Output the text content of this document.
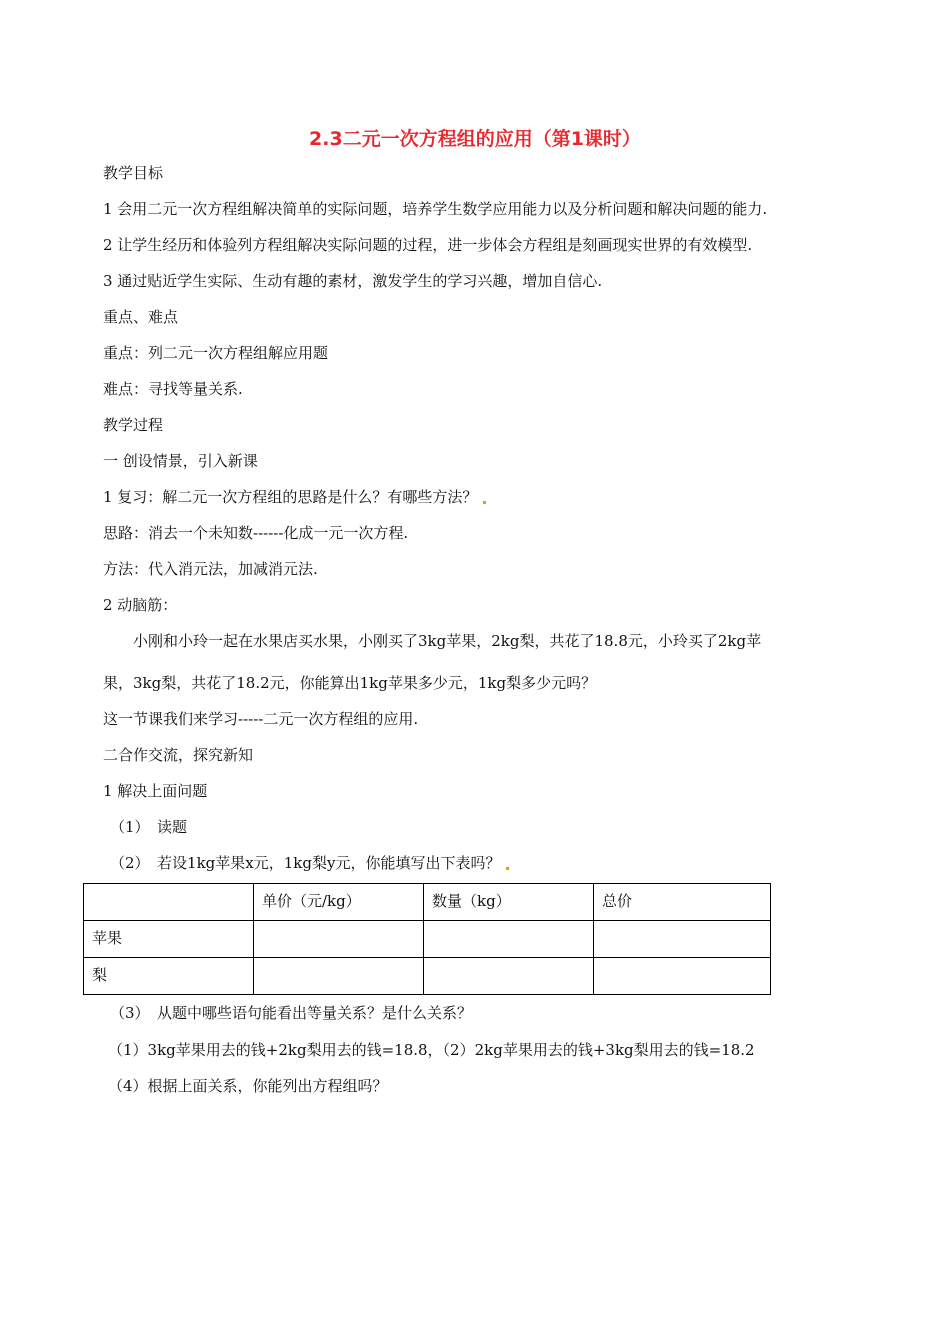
2.3二元一次方程组的应用（第1课时）
教学目标
1 会用二元一次方程组解决简单的实际问题，培养学生数学应用能力以及分析问题和解决问题的能力.
2 让学生经历和体验列方程组解决实际问题的过程，进一步体会方程组是刻画现实世界的有效模型.
3 通过贴近学生实际、生动有趣的素材，激发学生的学习兴趣，增加自信心.
重点、难点
重点：列二元一次方程组解应用题
难点：寻找等量关系.
教学过程
一 创设情景，引入新课
1 复习：解二元一次方程组的思路是什么？有哪些方法？
思路：消去一个未知数------化成一元一次方程.
方法：代入消元法，加减消元法.
2 动脑筋：
小刚和小玲一起在水果店买水果，小刚买了3kg苹果，2kg梨，共花了18.8元，小玲买了2kg苹
果，3kg梨，共花了18.2元，你能算出1kg苹果多少元，1kg梨多少元吗？
这一节课我们来学习-----二元一次方程组的应用.
二合作交流，探究新知
1 解决上面问题
（1）　读题
（2）　若设1kg苹果x元，1kg梨y元，你能填写出下表吗？
	单价（元/kg）	数量（kg）	总价
苹果			
梨			
（3）　从题中哪些语句能看出等量关系？是什么关系？
（1）3kg苹果用去的钱+2kg梨用去的钱=18.8，（2）2kg苹果用去的钱+3kg梨用去的钱=18.2
（4）根据上面关系，你能列出方程组吗？
